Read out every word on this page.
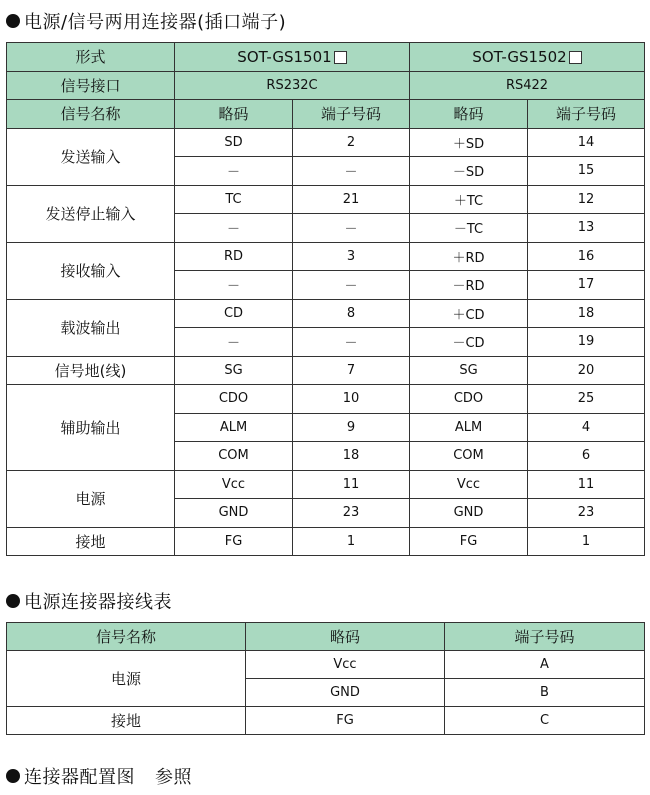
电源/信号两用连接器(插口端子)
形式	SOT-GS1501		SOT-GS1502	
信号接口	RS232C		RS422	
信号名称	略码	端子号码	略码	端子号码
发送输入	SD	2	＋SD	14
	－	－	－SD	15
发送停止输入	TC	21	＋TC	12
	－	－	－TC	13
接收输入	RD	3	＋RD	16
	－	－	－RD	17
载波输出	CD	8	＋CD	18
	－	－	－CD	19
信号地(线)	SG	7	SG	20
辅助输出	CDO	10	CDO	25
	ALM	9	ALM	4
	COM	18	COM	6
电源	Vcc	11	Vcc	11
	GND	23	GND	23
接地	FG	1	FG	1
电源连接器接线表
信号名称	略码	端子号码
电源	Vcc	A
	GND	B
接地	FG	C
连接器配置图 参照
